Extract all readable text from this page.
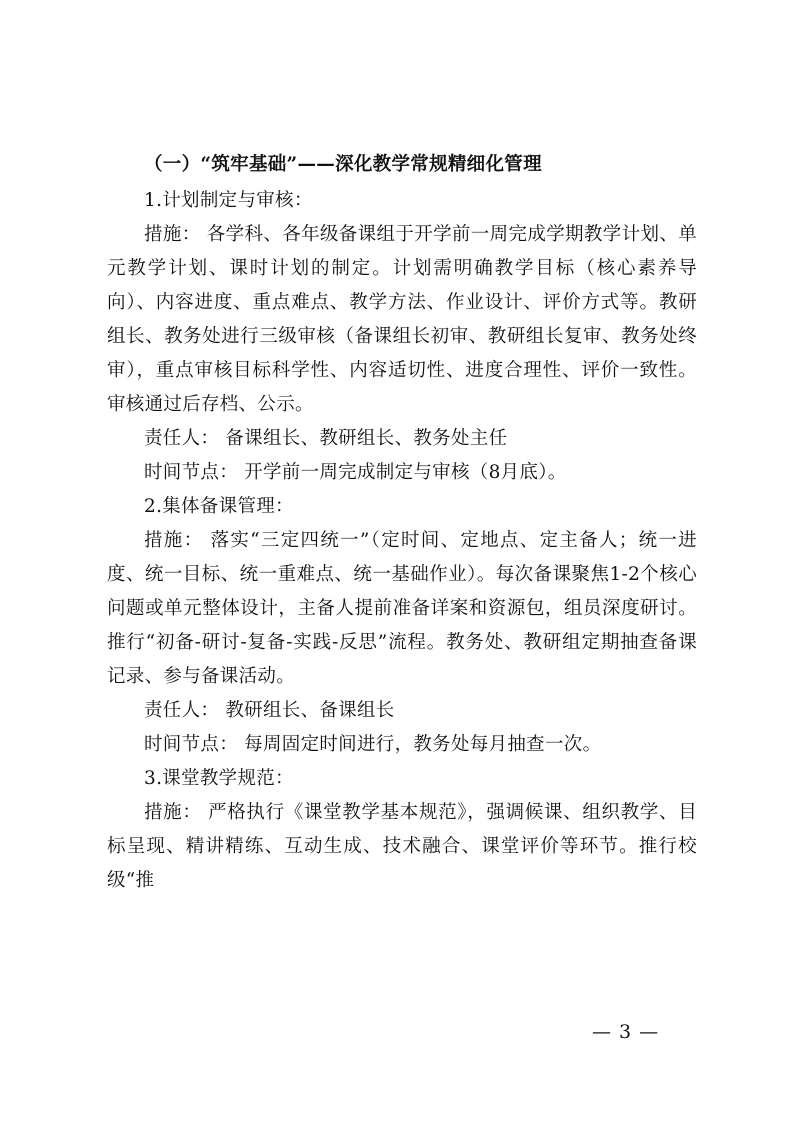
（一）“筑牢基础”——深化教学常规精细化管理

1.计划制定与审核：

措施： 各学科、各年级备课组于开学前一周完成学期教学计划、单元教学计划、课时计划的制定。计划需明确教学目标（核心素养导向）、内容进度、重点难点、教学方法、作业设计、评价方式等。教研组长、教务处进行三级审核（备课组长初审、教研组长复审、教务处终审），重点审核目标科学性、内容适切性、进度合理性、评价一致性。审核通过后存档、公示。

责任人： 备课组长、教研组长、教务处主任

时间节点： 开学前一周完成制定与审核（8月底）。

2.集体备课管理：

措施： 落实“三定四统一”（定时间、定地点、定主备人；统一进度、统一目标、统一重难点、统一基础作业）。每次备课聚焦1-2个核心问题或单元整体设计，主备人提前准备详案和资源包，组员深度研讨。推行“初备-研讨-复备-实践-反思”流程。教务处、教研组定期抽查备课记录、参与备课活动。

责任人： 教研组长、备课组长

时间节点： 每周固定时间进行，教务处每月抽查一次。

3.课堂教学规范：

措施： 严格执行《课堂教学基本规范》，强调候课、组织教学、目标呈现、精讲精练、互动生成、技术融合、课堂评价等环节。推行校级“推

— 3 —
